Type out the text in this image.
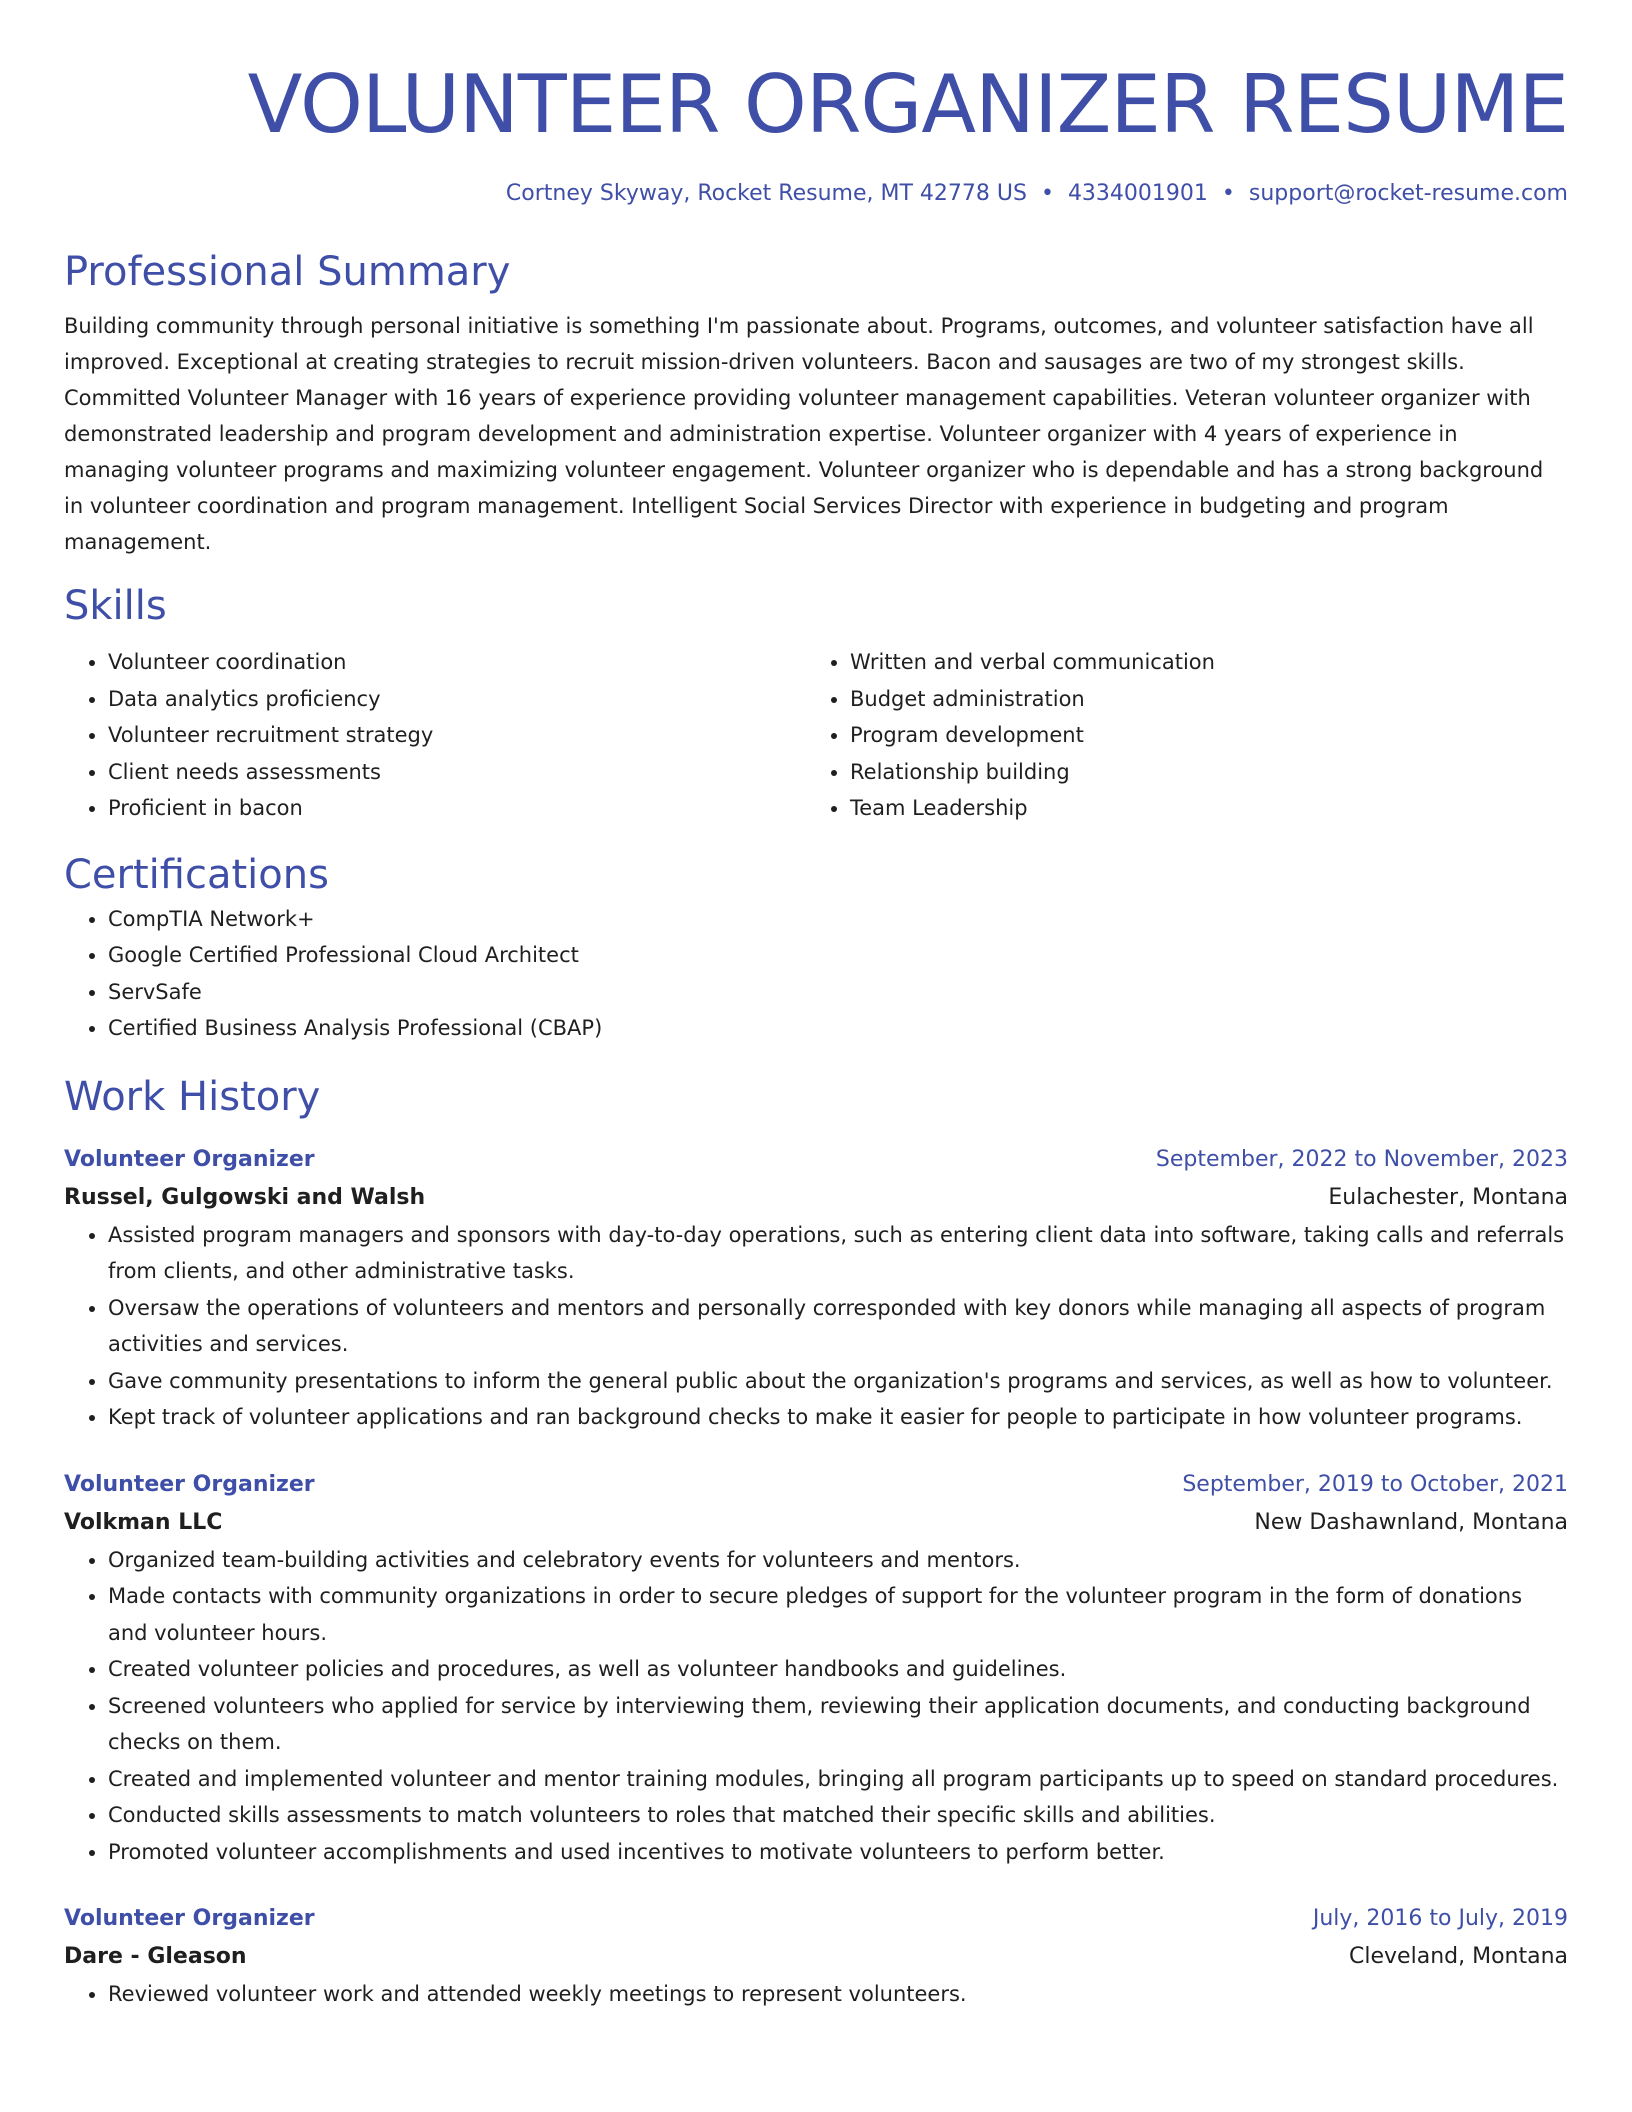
VOLUNTEER ORGANIZER RESUME
Cortney Skyway, Rocket Resume, MT 42778 US • 4334001901 • support@rocket-resume.com
Professional Summary
Building community through personal initiative is something I'm passionate about. Programs, outcomes, and volunteer satisfaction have all improved. Exceptional at creating strategies to recruit mission-driven volunteers. Bacon and sausages are two of my strongest skills. Committed Volunteer Manager with 16 years of experience providing volunteer management capabilities. Veteran volunteer organizer with demonstrated leadership and program development and administration expertise. Volunteer organizer with 4 years of experience in managing volunteer programs and maximizing volunteer engagement. Volunteer organizer who is dependable and has a strong background in volunteer coordination and program management. Intelligent Social Services Director with experience in budgeting and program management.
Skills
• Volunteer coordination
• Data analytics proficiency
• Volunteer recruitment strategy
• Client needs assessments
• Proficient in bacon
• Written and verbal communication
• Budget administration
• Program development
• Relationship building
• Team Leadership
Certifications
• CompTIA Network+
• Google Certified Professional Cloud Architect
• ServSafe
• Certified Business Analysis Professional (CBAP)
Work History
Volunteer Organizer	September, 2022 to November, 2023
Russel, Gulgowski and Walsh	Eulachester, Montana
• Assisted program managers and sponsors with day-to-day operations, such as entering client data into software, taking calls and referrals from clients, and other administrative tasks.
• Oversaw the operations of volunteers and mentors and personally corresponded with key donors while managing all aspects of program activities and services.
• Gave community presentations to inform the general public about the organization's programs and services, as well as how to volunteer.
• Kept track of volunteer applications and ran background checks to make it easier for people to participate in how volunteer programs.
Volunteer Organizer	September, 2019 to October, 2021
Volkman LLC	New Dashawnland, Montana
• Organized team-building activities and celebratory events for volunteers and mentors.
• Made contacts with community organizations in order to secure pledges of support for the volunteer program in the form of donations and volunteer hours.
• Created volunteer policies and procedures, as well as volunteer handbooks and guidelines.
• Screened volunteers who applied for service by interviewing them, reviewing their application documents, and conducting background checks on them.
• Created and implemented volunteer and mentor training modules, bringing all program participants up to speed on standard procedures.
• Conducted skills assessments to match volunteers to roles that matched their specific skills and abilities.
• Promoted volunteer accomplishments and used incentives to motivate volunteers to perform better.
Volunteer Organizer	July, 2016 to July, 2019
Dare - Gleason	Cleveland, Montana
• Reviewed volunteer work and attended weekly meetings to represent volunteers.
